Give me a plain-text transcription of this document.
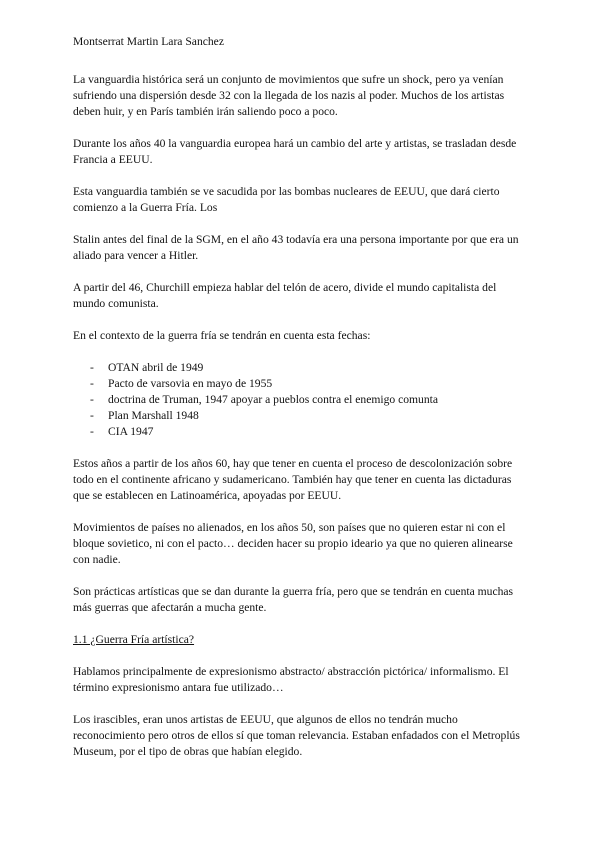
Montserrat Martin Lara Sanchez

La vanguardia histórica será un conjunto de movimientos que sufre un shock, pero ya venían sufriendo una dispersión desde 32 con la llegada de los nazis al poder. Muchos de los artistas deben huir, y en París también irán saliendo poco a poco.

Durante los años 40 la vanguardia europea hará un cambio del arte y artistas, se trasladan desde Francia a EEUU.

Esta vanguardia también se ve sacudida por las bombas nucleares de EEUU, que dará cierto comienzo a la Guerra Fría. Los

Stalin antes del final de la SGM, en el año 43 todavía era una persona importante por que era un aliado para vencer a Hitler.

A partir del 46, Churchill empieza hablar del telón de acero, divide el mundo capitalista del mundo comunista.

En el contexto de la guerra fría se tendrán en cuenta esta fechas:

- OTAN abril de 1949
- Pacto de varsovia en mayo de 1955
- doctrina de Truman, 1947 apoyar a pueblos contra el enemigo comunta
- Plan Marshall 1948
- CIA 1947

Estos años a partir de los años 60, hay que tener en cuenta el proceso de descolonización sobre todo en el continente africano y sudamericano. También hay que tener en cuenta las dictaduras que se establecen en Latinoamérica, apoyadas por EEUU.

Movimientos de países no alienados, en los años 50, son países que no quieren estar ni con el bloque sovietico, ni con el pacto… deciden hacer su propio ideario ya que no quieren alinearse con nadie.

Son prácticas artísticas que se dan durante la guerra fría, pero que se tendrán en cuenta muchas más guerras que afectarán a mucha gente.

1.1 ¿Guerra Fría artística?

Hablamos principalmente de expresionismo abstracto/ abstracción pictórica/ informalismo. El término expresionismo antara fue utilizado…

Los irascibles, eran unos artistas de EEUU, que algunos de ellos no tendrán mucho reconocimiento pero otros de ellos sí que toman relevancia. Estaban enfadados con el Metroplús Museum, por el tipo de obras que habían elegido.
